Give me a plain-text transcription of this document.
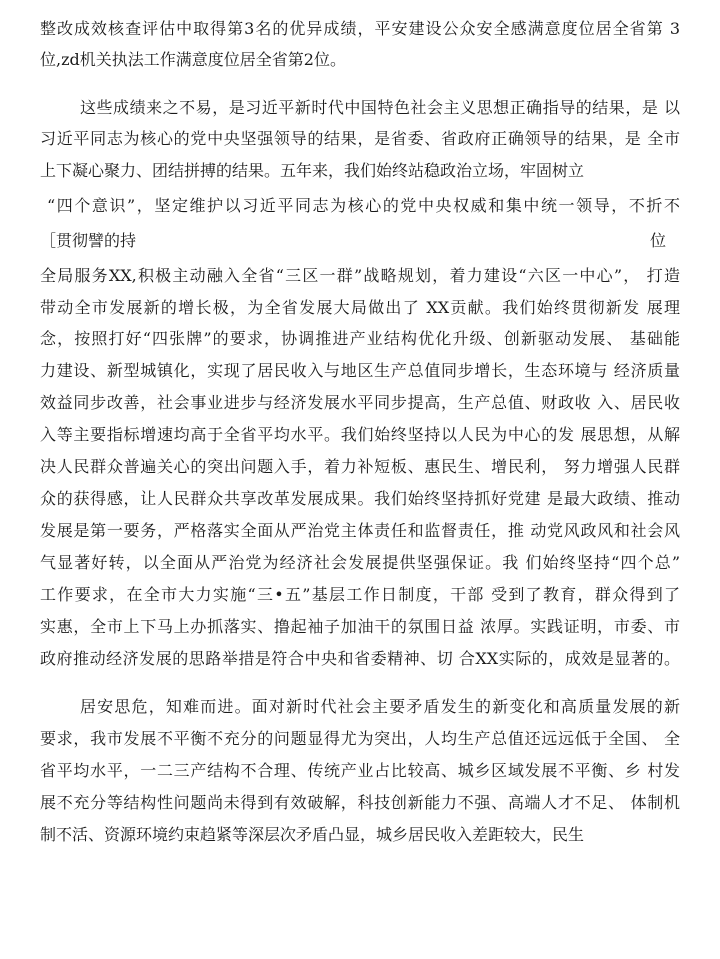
整改成效核查评估中取得第3名的优异成绩，平安建设公众安全感满意度位居全省第 3
位,zd机关执法工作满意度位居全省第2位。
这些成绩来之不易，是习近平新时代中国特色社会主义思想正确指导的结果，是 以
习近平同志为核心的党中央坚强领导的结果，是省委、省政府正确领导的结果，是 全市
上下凝心聚力、团结拼搏的结果。五年来，我们始终站稳政治立场，牢固树立
“四个意识”，坚定维护以习近平同志为核心的党中央权威和集中统一领导，不折不
［贯彻譬的持	位
全局服务XX,积极主动融入全省“三区一群”战略规划，着力建设“六区一中心”， 打造
带动全市发展新的增长极，为全省发展大局做出了 XX贡献。我们始终贯彻新发 展理
念，按照打好“四张牌”的要求，协调推进产业结构优化升级、创新驱动发展、 基础能
力建设、新型城镇化，实现了居民收入与地区生产总值同步增长，生态环境与 经济质量
效益同步改善，社会事业进步与经济发展水平同步提高，生产总值、财政收 入、居民收
入等主要指标增速均高于全省平均水平。我们始终坚持以人民为中心的发 展思想，从解
决人民群众普遍关心的突出问题入手，着力补短板、惠民生、增民利， 努力增强人民群
众的获得感，让人民群众共享改革发展成果。我们始终坚持抓好党建 是最大政绩、推动
发展是第一要务，严格落实全面从严治党主体责任和监督责任，推 动党风政风和社会风
气显著好转，以全面从严治党为经济社会发展提供坚强保证。我 们始终坚持“四个总”
工作要求，在全市大力实施“三•五”基层工作日制度，干部 受到了教育，群众得到了
实惠，全市上下马上办抓落实、撸起袖子加油干的氛围日益 浓厚。实践证明，市委、市
政府推动经济发展的思路举措是符合中央和省委精神、切 合XX实际的，成效是显著的。
居安思危，知难而进。面对新时代社会主要矛盾发生的新变化和高质量发展的新
要求，我市发展不平衡不充分的问题显得尤为突出，人均生产总值还远远低于全国、 全
省平均水平，一二三产结构不合理、传统产业占比较高、城乡区域发展不平衡、乡 村发
展不充分等结构性问题尚未得到有效破解，科技创新能力不强、高端人才不足、 体制机
制不活、资源环境约束趋紧等深层次矛盾凸显，城乡居民收入差距较大，民生
